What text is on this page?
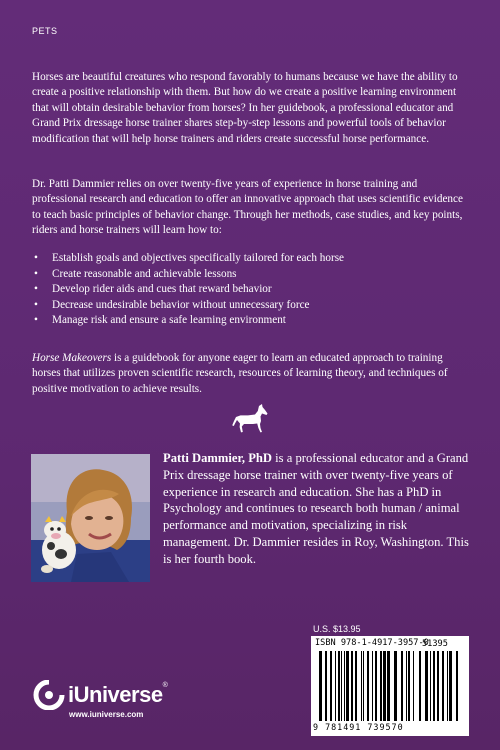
PETS

Horses are beautiful creatures who respond favorably to humans because we have the ability to create a positive relationship with them. But how do we create a positive learning environment that will obtain desirable behavior from horses? In her guidebook, a professional educator and Grand Prix dressage horse trainer shares step-by-step lessons and powerful tools of behavior modification that will help horse trainers and riders create successful horse performance.

Dr. Patti Dammier relies on over twenty-five years of experience in horse training and professional research and education to offer an innovative approach that uses scientific evidence to teach basic principles of behavior change. Through her methods, case studies, and key points, riders and horse trainers will learn how to:

• Establish goals and objectives specifically tailored for each horse
• Create reasonable and achievable lessons
• Develop rider aids and cues that reward behavior
• Decrease undesirable behavior without unnecessary force
• Manage risk and ensure a safe learning environment

Horse Makeovers is a guidebook for anyone eager to learn an educated approach to training horses that utilizes proven scientific research, resources of learning theory, and techniques of positive motivation to achieve results.

Patti Dammier, PhD is a professional educator and a Grand Prix dressage horse trainer with over twenty-five years of experience in research and education. She has a PhD in Psychology and continues to research both human / animal performance and motivation, specializing in risk management. Dr. Dammier resides in Roy, Washington. This is her fourth book.

U.S. $13.95
ISBN 978-1-4917-3957-0
51395
9 781491 739570
iUniverse®
www.iuniverse.com
